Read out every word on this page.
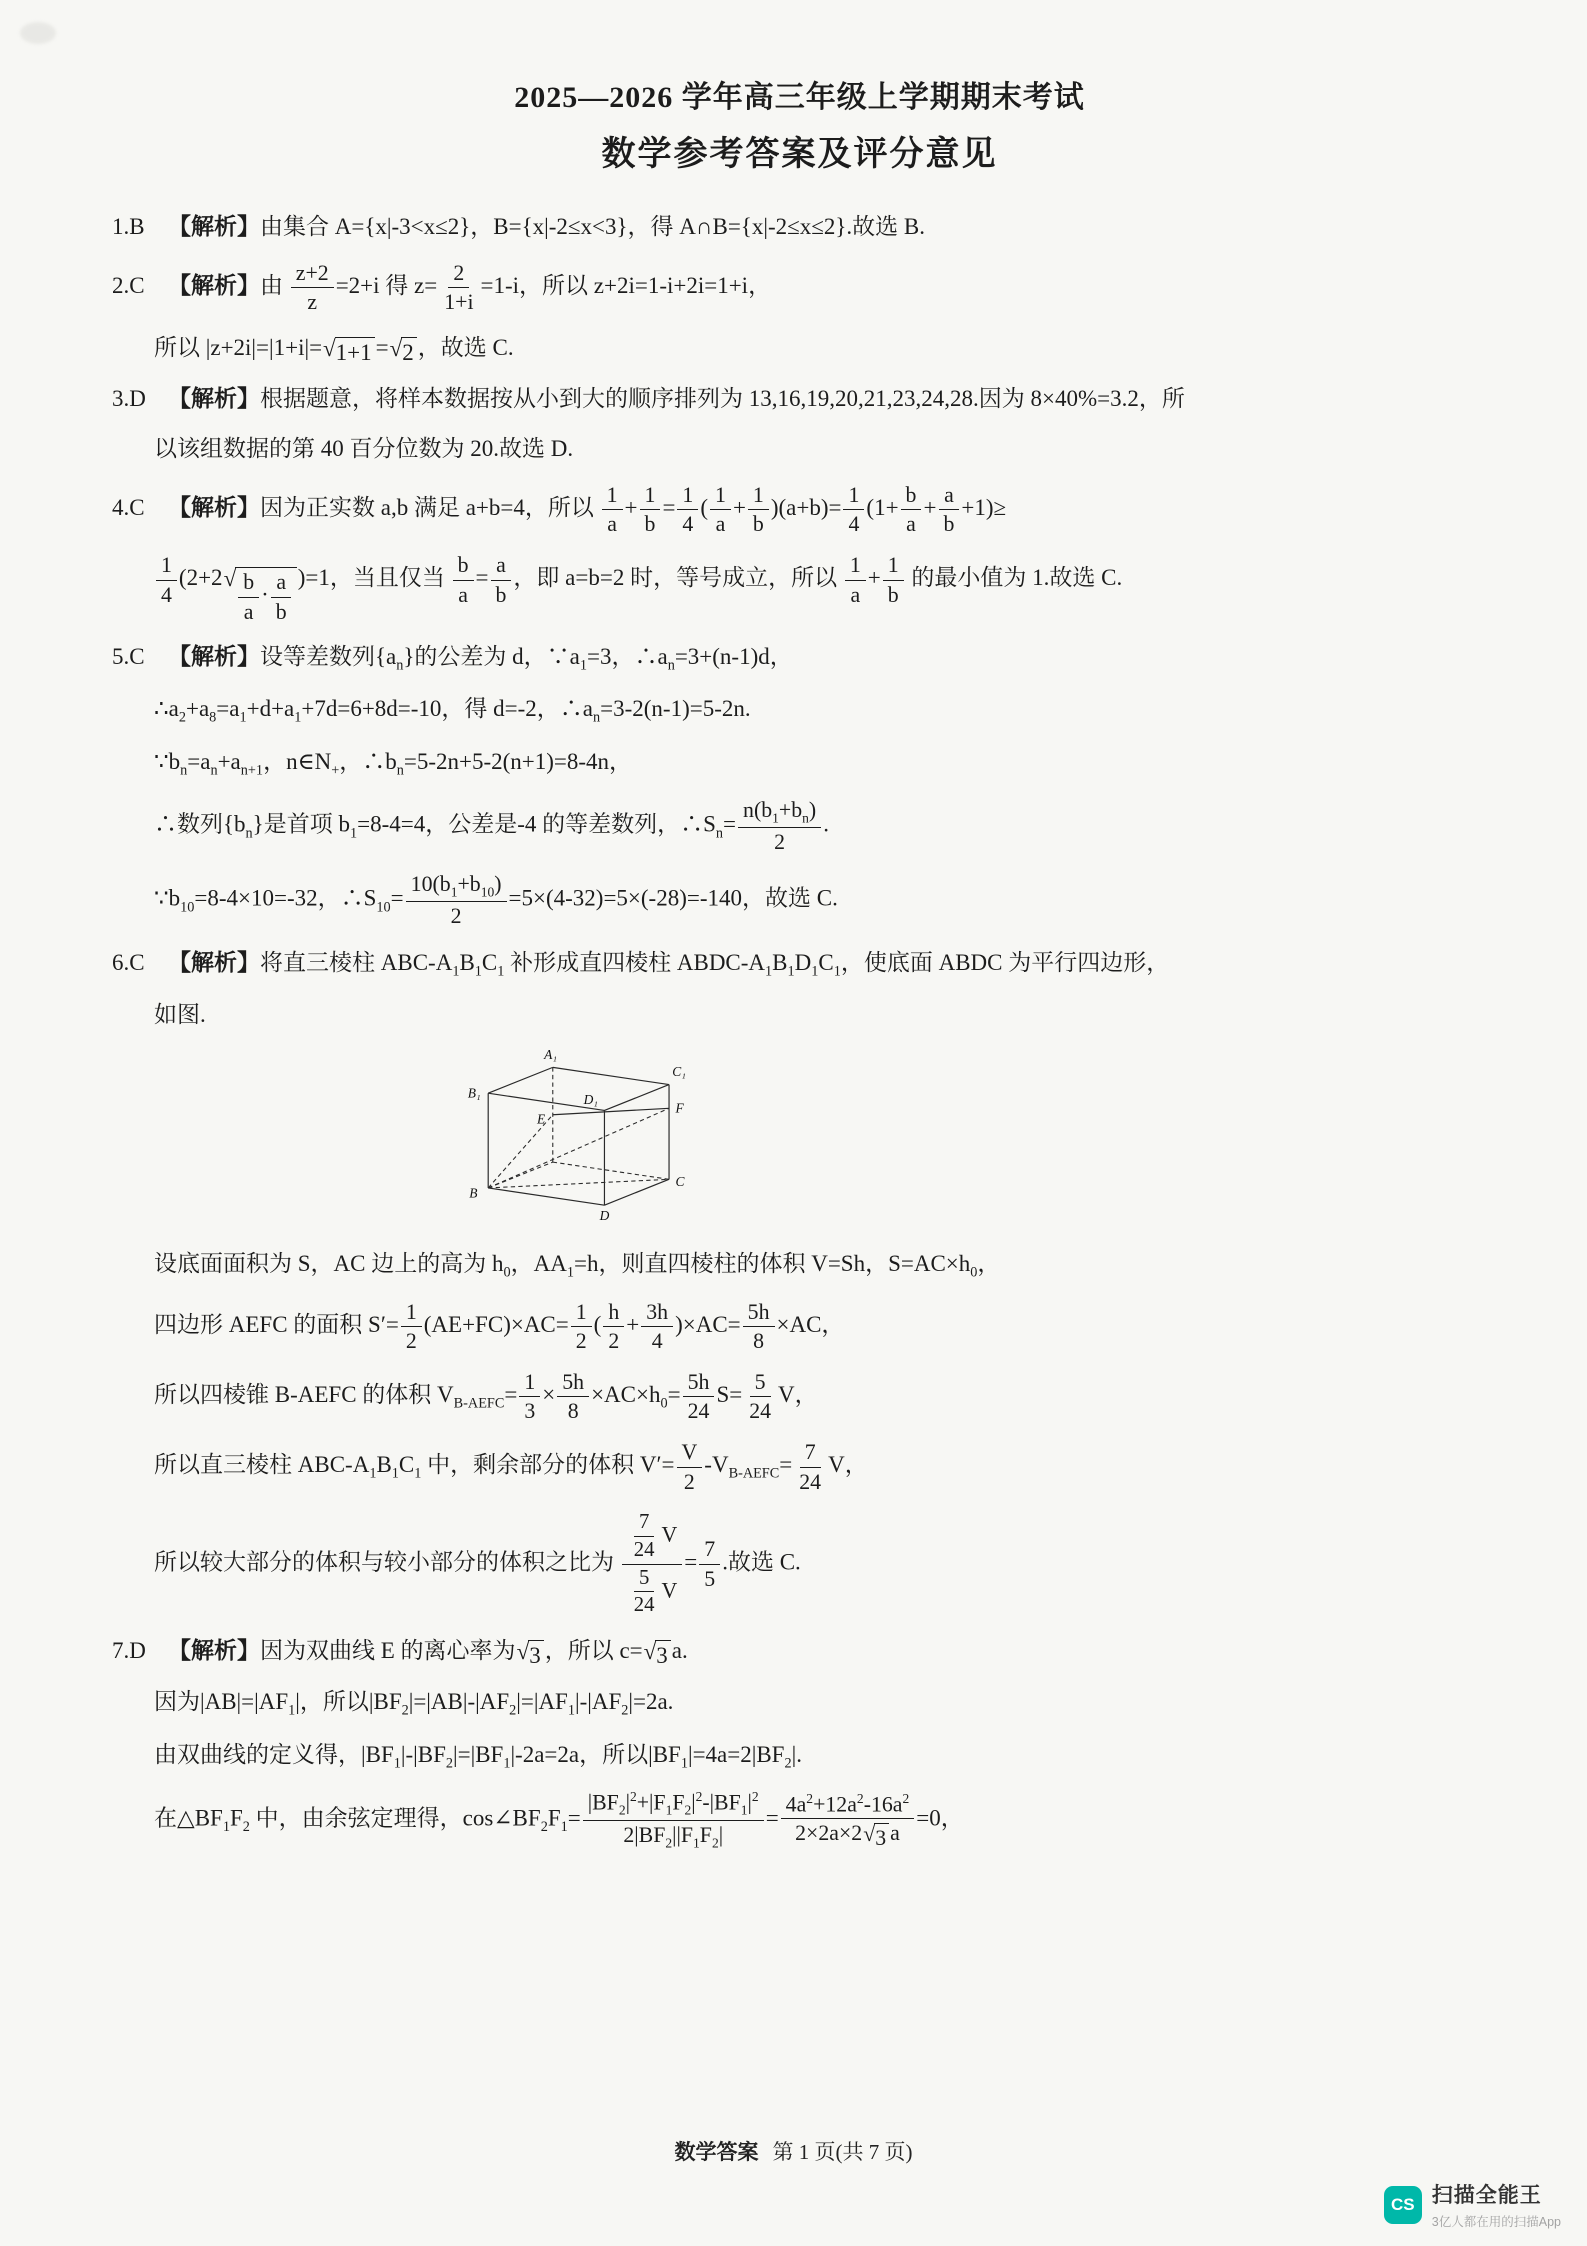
2025—2026 学年高三年级上学期期末考试
数学参考答案及评分意见
1.B 【解析】由集合 A={x|-3<x≤2}，B={x|-2≤x<3}，得 A∩B={x|-2≤x≤2}.故选 B.
2.C 【解析】由 $\frac{z+2}{z} =2+i$ 得 $z= \frac{2}{1+i} =1-i$，所以 z+2i=1-i+2i=1+i，
所以 |z+2i|=|1+i|= √ 1+1 = √ 2 ，故选 C.
3.D 【解析】根据题意，将样本数据按从小到大的顺序排列为 13,16,19,20,21,23,24,28.因为 8×40%=3.2，所
以该组数据的第 40 百分位数为 20.故选 D.
4.C 【解析】因为正实数 a,b 满足 a+b=4，所以 $\frac{1}{a} + \frac{1}{b} = \frac{1}{4}$ ( $\frac{1}{a} + \frac{1}{b} )(a+b)= \frac{1}{4} (1+ \frac{b}{a} + \frac{a}{b} +1)\ge$
$\frac{1}{4} (2+2$ √ $\frac{b}{a} \cdot \frac{a}{b} )=1$，当且仅当 $\frac{b}{a} = \frac{a}{b}$ ，即 a=b=2 时，等号成立，所以 $\frac{1}{a} + \frac{1}{b}$ 的最小值为 1.故选 C.
5.C 【解析】设等差数列$\{a_n\}$的公差为 d，$\because a_1=3$，$\therefore a_n=3+(n-1)d$，
$\therefore a_2+a_8=a_1+d+a_1+7d=6+8d=-10$，得 d=-2，$\therefore a_n=3-2(n-1)=5-2n$.
$\because b_n=a_n+a_{n+1}$，$n\in N_+$，$\therefore b_n=5-2n+5-2(n+1)=8-4n$，
∴数列$\{b_n\}$是首项 $b_1=8-4=4$，公差是-4 的等差数列，$\therefore S_n= \frac{n(b_1+b_n)}{2}$ .
$\because b_{10}=8-4\times 10=-32$，$\therefore S_{10}= \frac{10(b_1+b_{10})}{2} =5\times(4-32)=5\times(-28)=-140$，故选 C.
6.C 【解析】将直三棱柱 ABC-$A_1B_1C_1$ 补形成直四棱柱 ABDC-$A_1B_1D_1C_1$，使底面 ABDC 为平行四边形，
如图.
A₁
B₁
C₁
D₁
E
F
B
C
D
设底面面积为 S，AC 边上的高为 $h_0$，$AA_1=h$，则直四棱柱的体积 V=Sh，$S=AC\times h_0$，
四边形 AEFC 的面积 $S'= \frac{1}{2} (AE+FC)\times AC= \frac{1}{2}$ ( $\frac{h}{2} + \frac{3h}{4} )\times AC= \frac{5h}{8} \times AC$，
所以四棱锥 B-AEFC 的体积 $V_{B-AEFC}= \frac{1}{3} \times \frac{5h}{8} \times AC\times h_0= \frac{5h}{24} S= \frac{5}{24}$ V，
所以直三棱柱 ABC-$A_1B_1C_1$ 中，剩余部分的体积 $V'= \frac{V}{2} -V_{B-AEFC}= \frac{7}{24}$ V，
所以较大部分的体积与较小部分的体积之比为 $\frac{\frac{7}{24} V}{\frac{5}{24} V} = \frac{7}{5}$ .故选 C.
7.D 【解析】因为双曲线 E 的离心率为 √ 3 ，所以 c= √ 3 a.
因为$|AB|=|AF_1|$，所以$|BF_2|=|AB|-|AF_2|=|AF_1|-|AF_2|=2a$.
由双曲线的定义得，$|BF_1|-|BF_2|=|BF_1|-2a=2a$，所以$|BF_1|=4a=2|BF_2|$.
在$\triangle BF_1F_2$ 中，由余弦定理得，$\cos\angle BF_2F_1= \frac{|BF_2|^2+|F_1F_2|^2-|BF_1|^2}{2|BF_2||F_1F_2|} = \frac{4a^2+12a^2-16a^2}{2\times 2a\times 2 √ 3 a} =0$，
数学答案 第 1 页(共 7 页)
CS 扫描全能王
3亿人都在用的扫描App
